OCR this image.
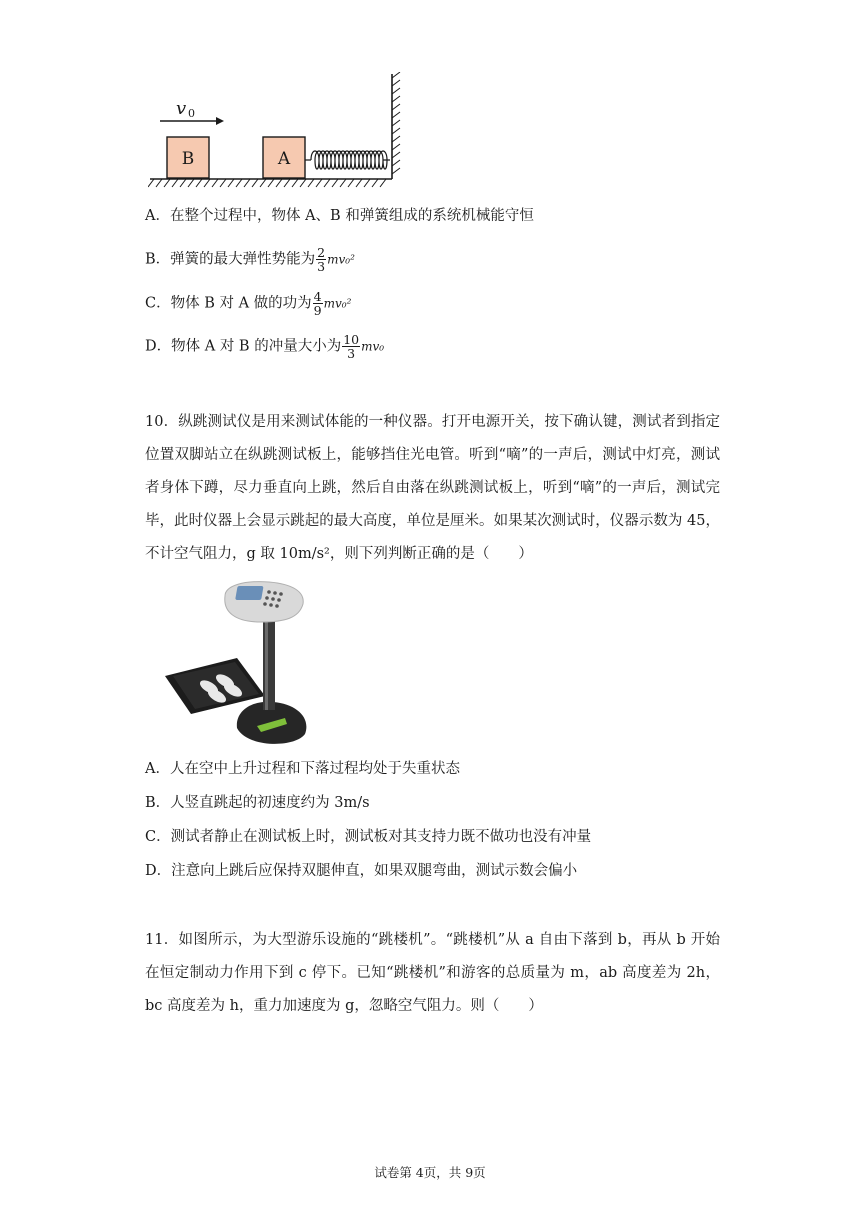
v 0
B	A
A．在整个过程中，物体 A、B 和弹簧组成的系统机械能守恒
B．弹簧的最大弹性势能为 $\frac{2}{3} mv_0^2$
C．物体 B 对 A 做的功为 $\frac{4}{9} mv_0^2$
D．物体 A 对 B 的冲量大小为 $\frac{10}{3} mv_0$
10．纵跳测试仪是用来测试体能的一种仪器。打开电源开关，按下确认键，测试者到指定位置双脚站立在纵跳测试板上，能够挡住光电管。听到“嘀”的一声后，测试中灯亮，测试者身体下蹲，尽力垂直向上跳，然后自由落在纵跳测试板上，听到“嘀”的一声后，测试完毕，此时仪器上会显示跳起的最大高度，单位是厘米。如果某次测试时，仪器示数为 45，不计空气阻力，g 取 10m/s²，则下列判断正确的是（　　）
A．人在空中上升过程和下落过程均处于失重状态
B．人竖直跳起的初速度约为 3m/s
C．测试者静止在测试板上时，测试板对其支持力既不做功也没有冲量
D．注意向上跳后应保持双腿伸直，如果双腿弯曲，测试示数会偏小
11．如图所示，为大型游乐设施的“跳楼机”。“跳楼机”从 a 自由下落到 b，再从 b 开始在恒定制动力作用下到 c 停下。已知“跳楼机”和游客的总质量为 m，ab 高度差为 2h，bc 高度差为 h，重力加速度为 g，忽略空气阻力。则（　　）
试卷第 4页，共 9页
